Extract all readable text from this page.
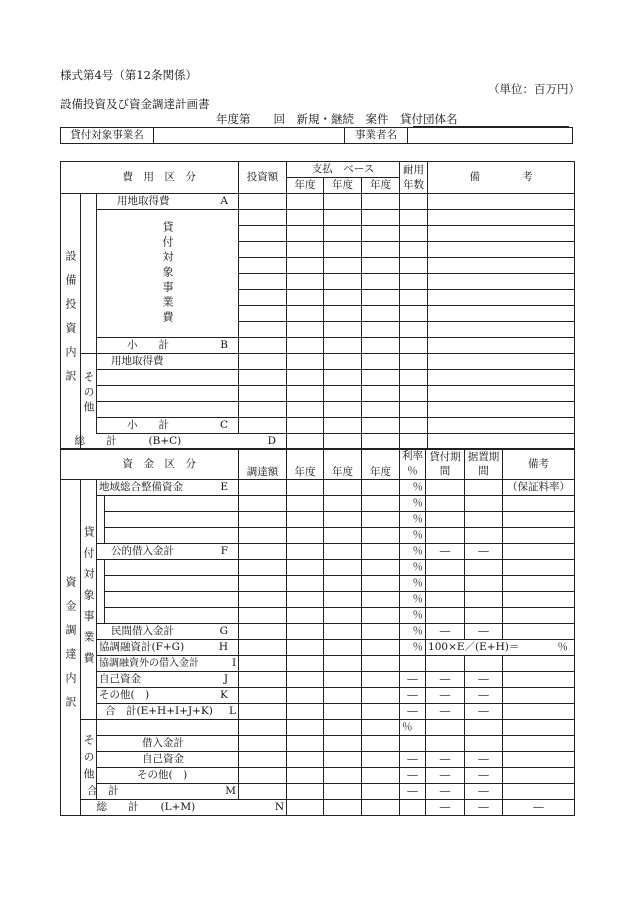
様式第4号（第12条関係）
（単位：百万円）
設備投資及び資金調達計画書
年度第　　回　新規・継続　案件　貸付団体名
貸付対象事業名		事業者名	
	費　用　区　分		投資額	支払　ベース			耐用年数	備　　　　考	
				年度	年度	年度			
設備投資内訳		用地取得費 A							

		貸付対象事業費							

		小　　計 B							

	その他	用地取得費							

		小　　計 C							

		総　　計 (B+C) D							

	資　金　区　分			調達額	年度	年度	年度	利率	貸付期間	据置期間	備考	
								％				
資金調達内訳	貸付対象事業費	地域総合整備資金 E						％			（保証料率）	
								％				
								％				
								％				
		公的借入金計 F						％	―	―		
								％				
								％				
								％				
								％				
		民間借入金計 G						％	―	―		
		協調融資計(F+G) H						％	100×E／(E+H)＝ ％			

		協調融資外の借入金計 I										

		自己資金 J						―	―	―		
		その他(　) K						―	―	―		
		合　計(E+H+I+J+K) L						―	―	―		
	その他							％				
		借入金計										
		自己資金						―	―	―		
		その他(　)						―	―	―		
		合　計 M						―	―	―		
		総　　計 (L+M) N							―	―	―	
